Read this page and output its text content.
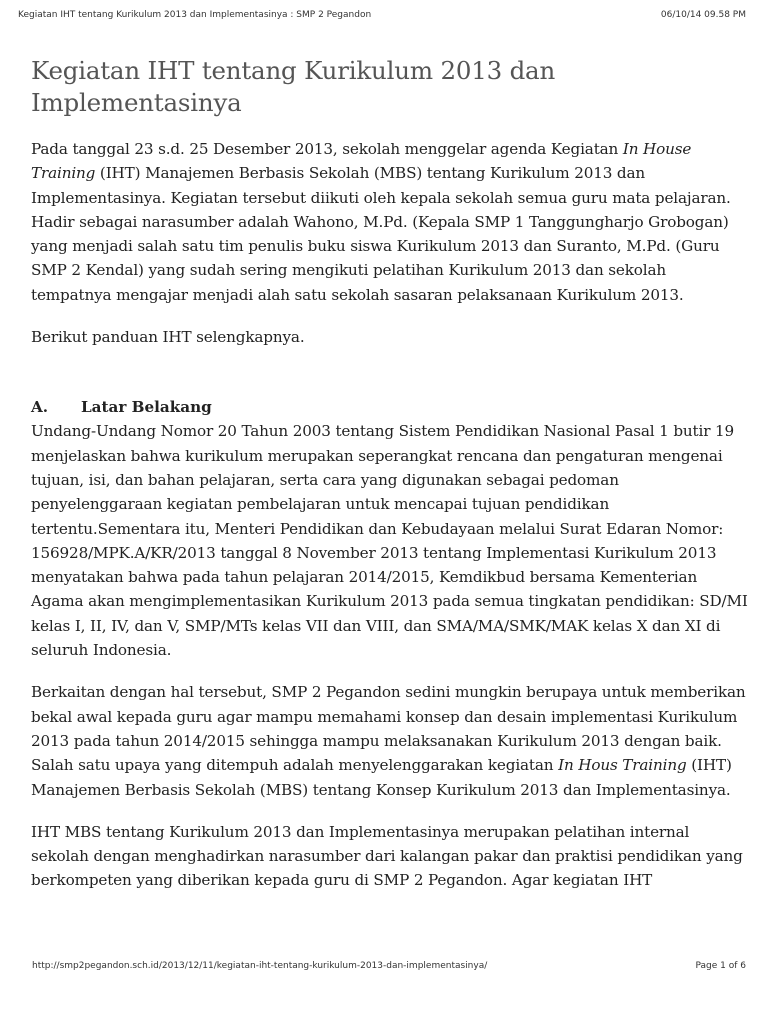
Kegiatan IHT tentang Kurikulum 2013 dan Implementasinya : SMP 2 Pegandon	06/10/14 09.58 PM
Kegiatan IHT tentang Kurikulum 2013 dan Implementasinya

Pada tanggal 23 s.d. 25 Desember 2013, sekolah menggelar agenda Kegiatan In House Training (IHT) Manajemen Berbasis Sekolah (MBS) tentang Kurikulum 2013 dan Implementasinya. Kegiatan tersebut diikuti oleh kepala sekolah semua guru mata pelajaran. Hadir sebagai narasumber adalah Wahono, M.Pd. (Kepala SMP 1 Tanggungharjo Grobogan) yang menjadi salah satu tim penulis buku siswa Kurikulum 2013 dan Suranto, M.Pd. (Guru SMP 2 Kendal) yang sudah sering mengikuti pelatihan Kurikulum 2013 dan sekolah tempatnya mengajar menjadi alah satu sekolah sasaran pelaksanaan Kurikulum 2013.

Berikut panduan IHT selengkapnya.

A. Latar Belakang

Undang-Undang Nomor 20 Tahun 2003 tentang Sistem Pendidikan Nasional Pasal 1 butir 19 menjelaskan bahwa kurikulum merupakan seperangkat rencana dan pengaturan mengenai tujuan, isi, dan bahan pelajaran, serta cara yang digunakan sebagai pedoman penyelenggaraan kegiatan pembelajaran untuk mencapai tujuan pendidikan tertentu.Sementara itu, Menteri Pendidikan dan Kebudayaan melalui Surat Edaran Nomor: 156928/MPK.A/KR/2013 tanggal 8 November 2013 tentang Implementasi Kurikulum 2013 menyatakan bahwa pada tahun pelajaran 2014/2015, Kemdikbud bersama Kementerian Agama akan mengimplementasikan Kurikulum 2013 pada semua tingkatan pendidikan: SD/MI kelas I, II, IV, dan V, SMP/MTs kelas VII dan VIII, dan SMA/MA/SMK/MAK kelas X dan XI di seluruh Indonesia.

Berkaitan dengan hal tersebut, SMP 2 Pegandon sedini mungkin berupaya untuk memberikan bekal awal kepada guru agar mampu memahami konsep dan desain implementasi Kurikulum 2013 pada tahun 2014/2015 sehingga mampu melaksanakan Kurikulum 2013 dengan baik. Salah satu upaya yang ditempuh adalah menyelenggarakan kegiatan In Hous Training (IHT) Manajemen Berbasis Sekolah (MBS) tentang Konsep Kurikulum 2013 dan Implementasinya.

IHT MBS tentang Kurikulum 2013 dan Implementasinya merupakan pelatihan internal sekolah dengan menghadirkan narasumber dari kalangan pakar dan praktisi pendidikan yang berkompeten yang diberikan kepada guru di SMP 2 Pegandon. Agar kegiatan IHT

http://smp2pegandon.sch.id/2013/12/11/kegiatan-iht-tentang-kurikulum-2013-dan-implementasinya/	Page 1 of 6
